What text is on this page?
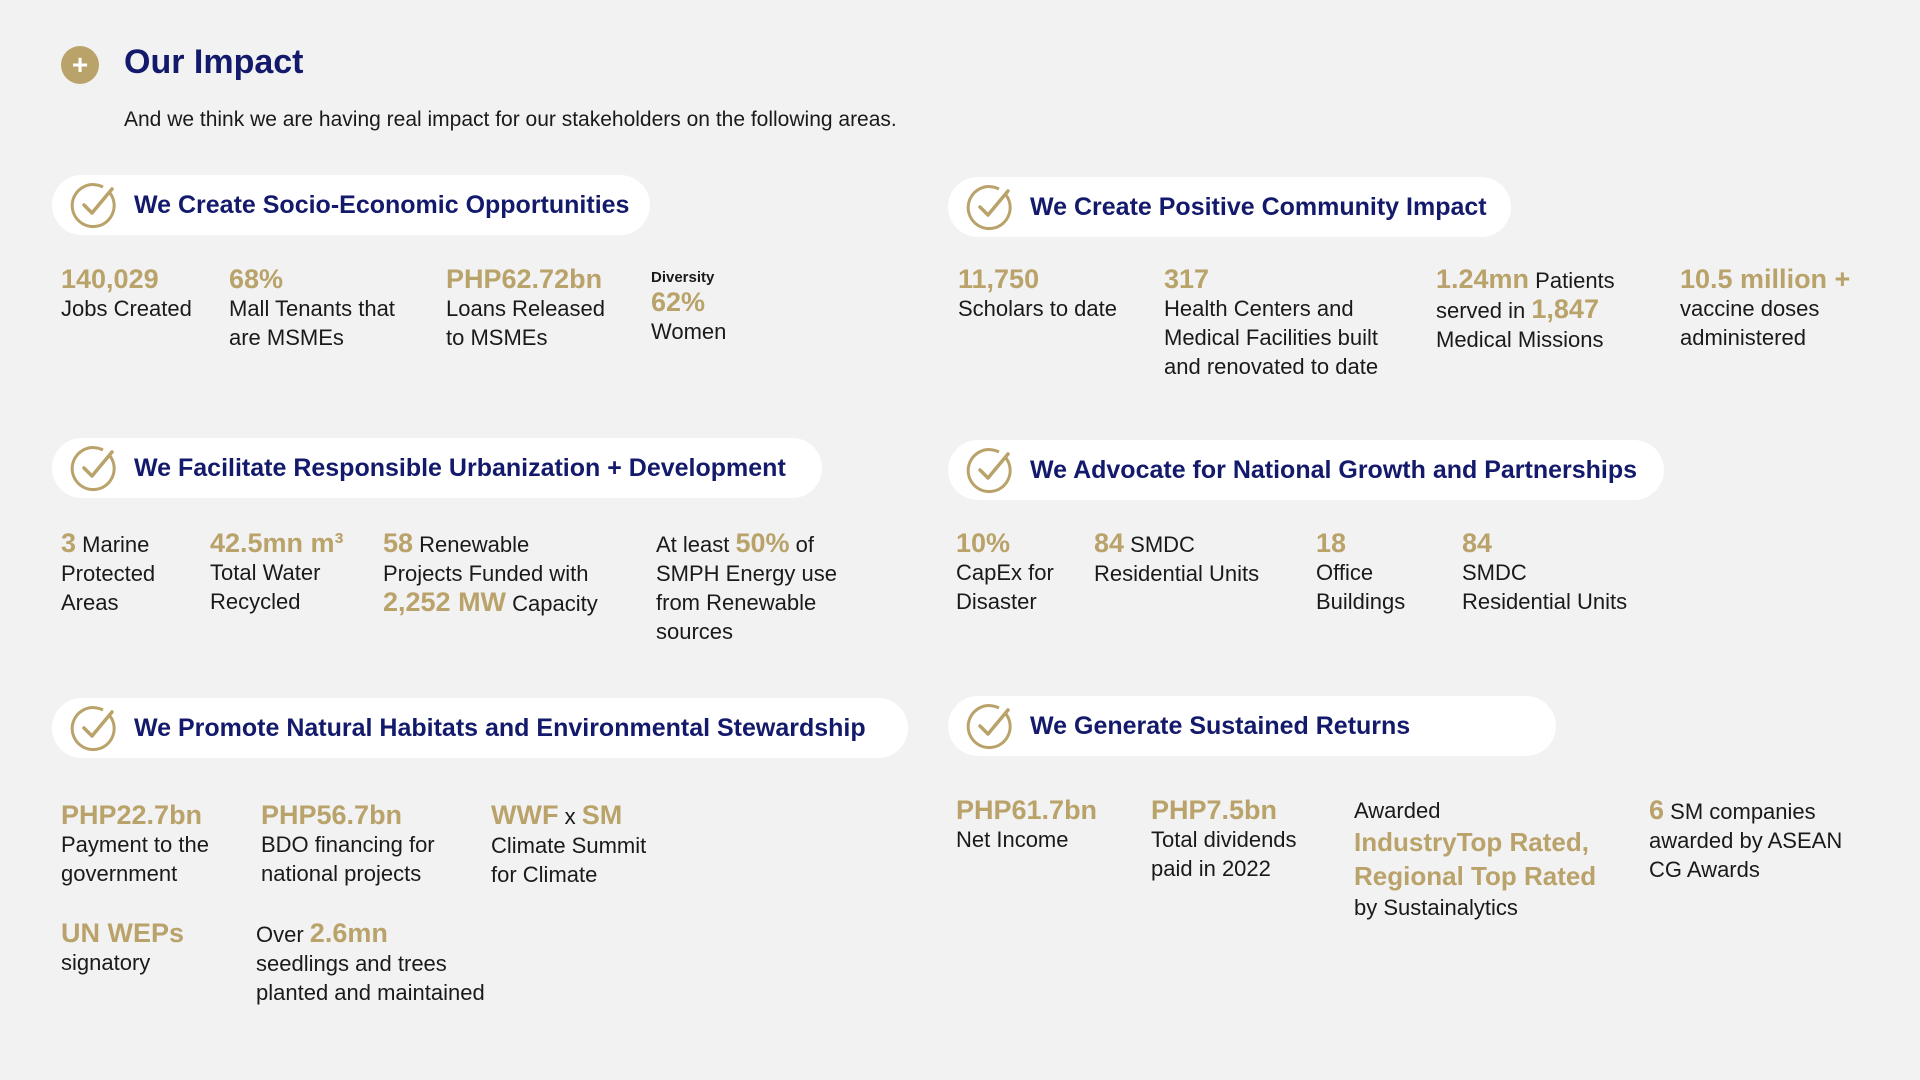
+	Our Impact
And we think we are having real impact for our stakeholders on the following areas.
We Create Socio-Economic Opportunities	We Create Positive Community Impact
We Facilitate Responsible Urbanization + Development	We Advocate for National Growth and Partnerships
We Promote Natural Habitats and Environmental Stewardship	We Generate Sustained Returns
140,029
Jobs Created
68%
Mall Tenants that
are MSMEs
PHP62.72bn
Loans Released
to MSMEs
Diversity
62%
Women
11,750
Scholars to date
317
Health Centers and
Medical Facilities built
and renovated to date
1.24mn Patients
served in 1,847
Medical Missions
10.5 million +
vaccine doses
administered
3 Marine
Protected
Areas
42.5mn m³
Total Water
Recycled
58 Renewable
Projects Funded with
2,252 MW Capacity
At least 50% of
SMPH Energy use
from Renewable
sources
10%
CapEx for
Disaster
84 SMDC
Residential Units
18
Office
Buildings
84
SMDC
Residential Units
PHP22.7bn
Payment to the
government
PHP56.7bn
BDO financing for
national projects
WWF x SM
Climate Summit
for Climate
UN WEPs
signatory
Over 2.6mn
seedlings and trees
planted and maintained
PHP61.7bn
Net Income
PHP7.5bn
Total dividends
paid in 2022
Awarded
IndustryTop Rated,
Regional Top Rated
by Sustainalytics
6 SM companies
awarded by ASEAN
CG Awards
